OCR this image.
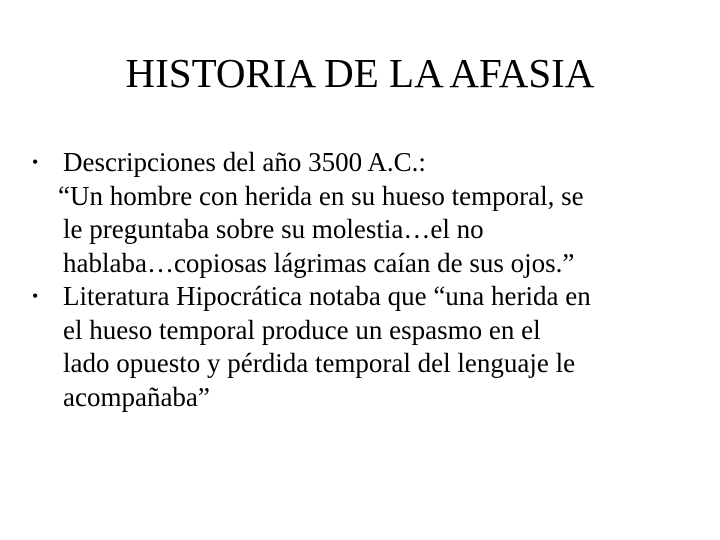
HISTORIA DE LA AFASIA
• Descripciones del año 3500 A.C.:
“Un hombre con herida en su hueso temporal, se
le preguntaba sobre su molestia…el no
hablaba…copiosas lágrimas caían de sus ojos.”
• Literatura Hipocrática notaba que “una herida en
el hueso temporal produce un espasmo en el
lado opuesto y pérdida temporal del lenguaje le
acompañaba”
